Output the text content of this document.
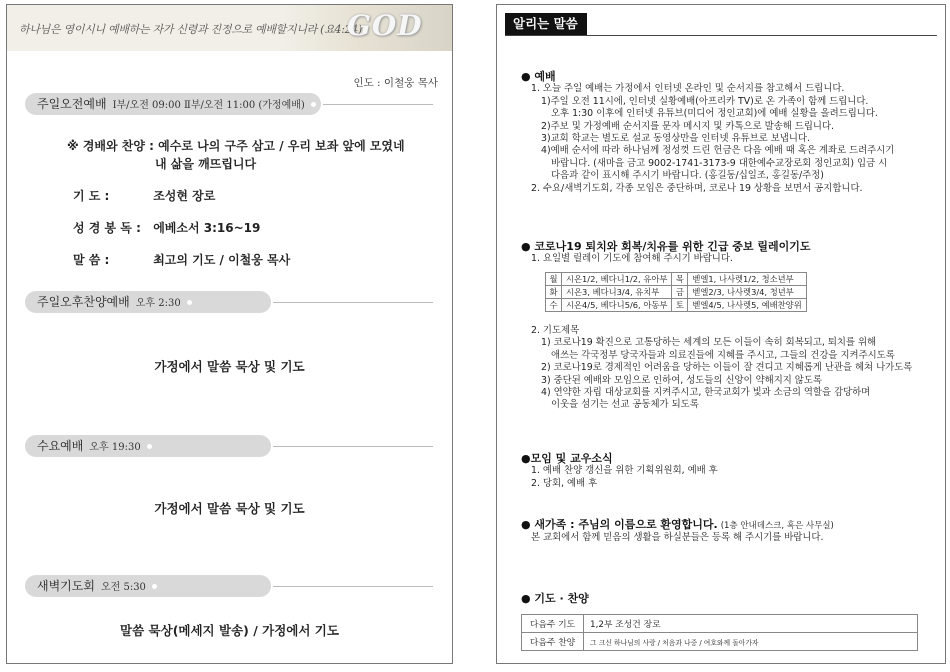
하나님은 영이시니 예배하는 자가 신령과 진정으로 예배할지니라 (요4:24)
GOD
인도 : 이철웅 목사
주일오전예배 Ⅰ부/오전 09:00 Ⅱ부/오전 11:00 (가정예배)
※ 경배와 찬양 : 예수로 나의 구주 삼고 / 우리 보좌 앞에 모였네
내 삶을 깨뜨립니다
기 도 :	조성현 장로
성 경 봉 독 : 에베소서 3:16~19
말 씀 :	최고의 기도 / 이철웅 목사
주일오후찬양예배 오후 2:30
가정에서 말씀 묵상 및 기도
수요예배 오후 19:30
가정에서 말씀 묵상 및 기도
새벽기도회 오전 5:30
말씀 묵상(메세지 발송) / 가정에서 기도
알리는 말씀
● 예배
1. 오늘 주일 예배는 가정에서 인터넷 온라인 및 순서지를 참고해서 드립니다.
1)주일 오전 11시에, 인터넷 실황예배(아프리카 TV)로 온 가족이 함께 드립니다.
오후 1:30 이후에 인터넷 유튜브(미디어 정인교회)에 예배 실황을 올려드립니다.
2)주보 및 가정예배 순서지를 문자 메시지 및 카톡으로 발송해 드립니다.
3)교회 학교는 별도로 설교 동영상만을 인터넷 유튜브로 보냅니다.
4)예배 순서에 따라 하나님께 정성껏 드린 헌금은 다음 예배 때 혹은 계좌로 드려주시기
바랍니다. (새마을 금고 9002-1741-3173-9 대한예수교장로회 정인교회) 입금 시
다음과 같이 표시해 주시기 바랍니다. (홍길동/십일조, 홍길동/주정)
2. 수요/새벽기도회, 각종 모임은 중단하며, 코로나 19 상황을 보면서 공지합니다.
● 코로나19 퇴치와 회복/치유를 위한 긴급 중보 릴레이기도
1. 요일별 릴레이 기도에 참여해 주시기 바랍니다.
월	시온1/2, 베다니1/2, 유아부	목	벧엘1, 나사렛1/2, 청소년부
화	시온3, 베다니3/4, 유치부	금	벧엘2/3, 나사렛3/4, 청년부
수	시온4/5, 베다니5/6, 아동부	토	벧엘4/5, 나사렛5, 예배찬양위
2. 기도제목
1) 코로나19 확진으로 고통당하는 세계의 모든 이들이 속히 회복되고, 퇴치를 위해
애쓰는 각국정부 당국자들과 의료진들에 지혜를 주시고, 그들의 건강을 지켜주시도록
2) 코로나19로 경제적인 어려움을 당하는 이들이 잘 견디고 지혜롭게 난관을 헤쳐 나가도록
3) 중단된 예배와 모임으로 인하여, 성도들의 신앙이 약해지지 않도록
4) 연약한 자립 대상교회를 지켜주시고, 한국교회가 빛과 소금의 역할을 감당하며
이웃을 섬기는 선교 공동체가 되도록
●모임 및 교우소식
1. 예배 찬양 갱신을 위한 기획위원회, 예배 후
2. 당회, 예배 후
● 새가족 : 주님의 이름으로 환영합니다. (1층 안내데스크, 혹은 사무실)
본 교회에서 함께 믿음의 생활을 하실분들은 등록 해 주시기를 바랍니다.
● 기도 · 찬양
다음주 기도	1,2부 조성건 장로
다음주 찬양	그 크신 하나님의 사랑 / 처음과 나중 / 여호와께 돌아가자
